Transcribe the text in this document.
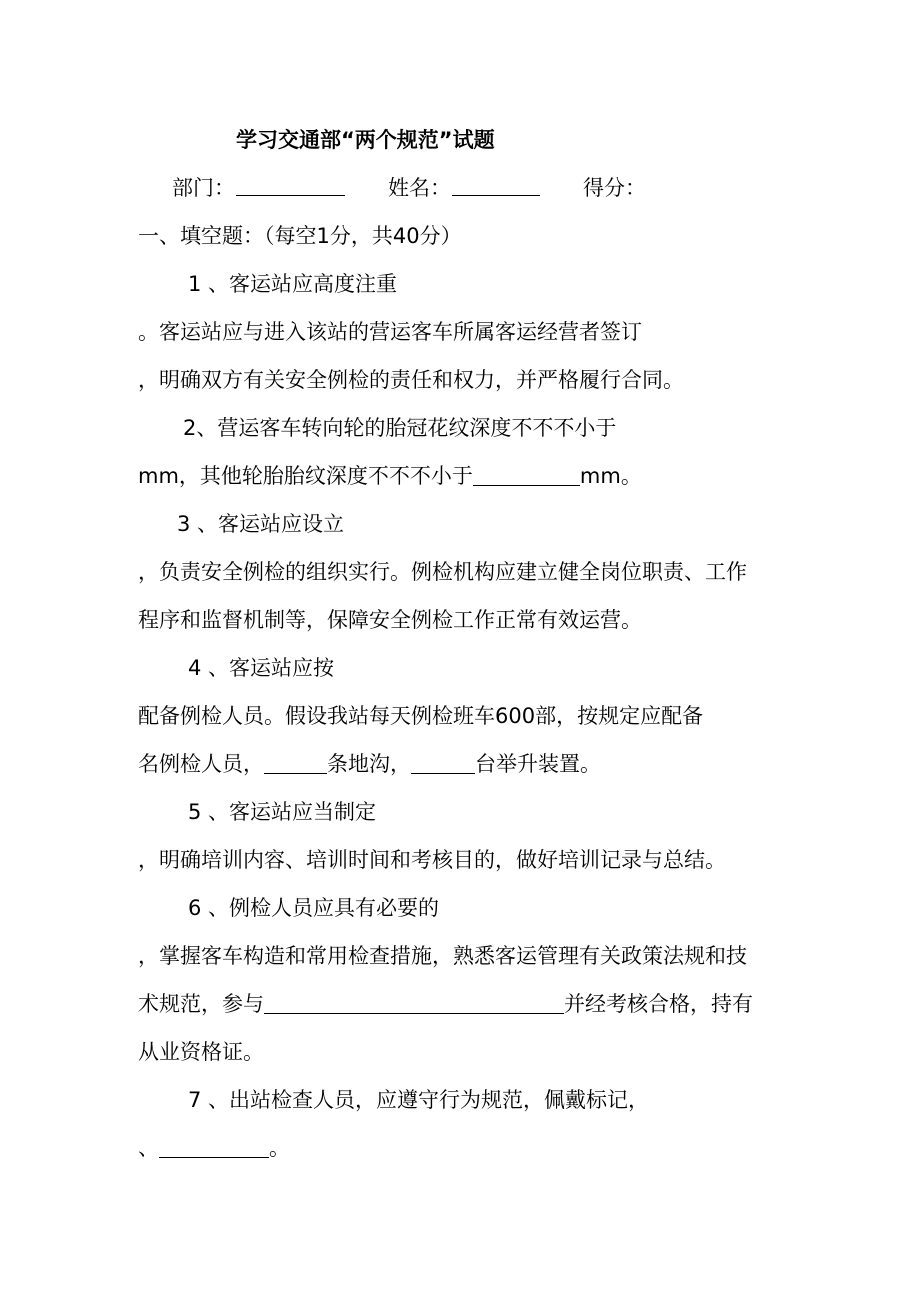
学习交通部“两个规范”试题
部门：	姓名：	得分：
一、填空题：（每空1分，共40分）
1 、客运站应高度注重
。客运站应与进入该站的营运客车所属客运经营者签订
，明确双方有关安全例检的责任和权力，并严格履行合同。
2、营运客车转向轮的胎冠花纹深度不不不小于
mm，其他轮胎胎纹深度不不不小于	mm。
3 、客运站应设立
，负责安全例检的组织实行。例检机构应建立健全岗位职责、工作
程序和监督机制等，保障安全例检工作正常有效运营。
4 、客运站应按
配备例检人员。假设我站每天例检班车600部，按规定应配备
名例检人员，	条地沟，	台举升装置。
5 、客运站应当制定
，明确培训内容、培训时间和考核目的，做好培训记录与总结。
6 、例检人员应具有必要的
，掌握客车构造和常用检查措施，熟悉客运管理有关政策法规和技
术规范，参与	并经考核合格，持有
从业资格证。
7 、出站检查人员，应遵守行为规范，佩戴标记，
、	。
